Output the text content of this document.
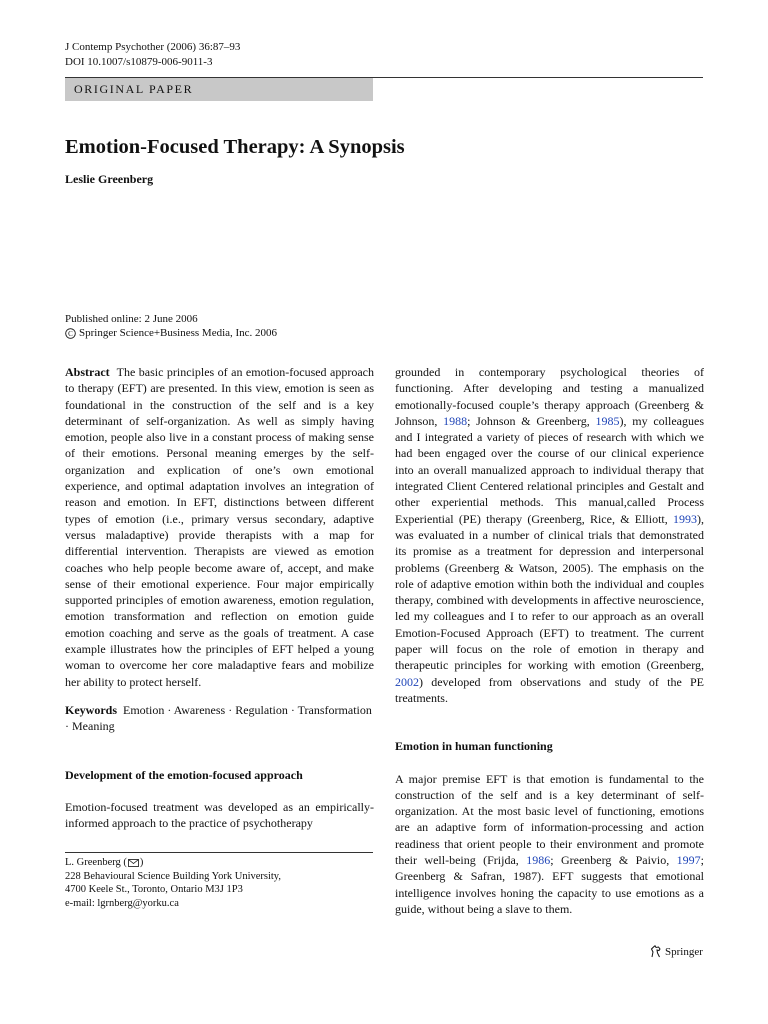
J Contemp Psychother (2006) 36:87–93
DOI 10.1007/s10879-006-9011-3
ORIGINAL PAPER
Emotion-Focused Therapy: A Synopsis
Leslie Greenberg
Published online: 2 June 2006
C Springer Science+Business Media, Inc. 2006

Abstract The basic principles of an emotion-focused approach to therapy (EFT) are presented. In this view, emotion is seen as foundational in the construction of the self and is a key determinant of self-organization. As well as simply having emotion, people also live in a constant process of making sense of their emotions. Personal meaning emerges by the self-organization and explication of one’s own emotional experience, and optimal adaptation involves an integration of reason and emotion. In EFT, distinctions between different types of emotion (i.e., primary versus secondary, adaptive versus maladaptive) provide therapists with a map for differential intervention. Therapists are viewed as emotion coaches who help people become aware of, accept, and make sense of their emotional experience. Four major empirically supported principles of emotion awareness, emotion regulation, emotion transformation and reflection on emotion guide emotion coaching and serve as the goals of treatment. A case example illustrates how the principles of EFT helped a young woman to overcome her core maladaptive fears and mobilize her ability to protect herself.

Keywords Emotion · Awareness · Regulation · Transformation · Meaning

Development of the emotion-focused approach

Emotion-focused treatment was developed as an empirically-informed approach to the practice of psychotherapy

L. Greenberg ( )
228 Behavioural Science Building York University,
4700 Keele St., Toronto, Ontario M3J 1P3
e-mail: lgrnberg@yorku.ca

grounded in contemporary psychological theories of functioning. After developing and testing a manualized emotionally-focused couple’s therapy approach (Greenberg & Johnson, 1988; Johnson & Greenberg, 1985), my colleagues and I integrated a variety of pieces of research with which we had been engaged over the course of our clinical experience into an overall manualized approach to individual therapy that integrated Client Centered relational principles and Gestalt and other experiential methods. This manual,called Process Experiential (PE) therapy (Greenberg, Rice, & Elliott, 1993), was evaluated in a number of clinical trials that demonstrated its promise as a treatment for depression and interpersonal problems (Greenberg & Watson, 2005). The emphasis on the role of adaptive emotion within both the individual and couples therapy, combined with developments in affective neuroscience, led my colleagues and I to refer to our approach as an overall Emotion-Focused Approach (EFT) to treatment. The current paper will focus on the role of emotion in therapy and therapeutic principles for working with emotion (Greenberg, 2002) developed from observations and study of the PE treatments.

Emotion in human functioning

A major premise EFT is that emotion is fundamental to the construction of the self and is a key determinant of self-organization. At the most basic level of functioning, emotions are an adaptive form of information-processing and action readiness that orient people to their environment and promote their well-being (Frijda, 1986; Greenberg & Paivio, 1997; Greenberg & Safran, 1987). EFT suggests that emotional intelligence involves honing the capacity to use emotions as a guide, without being a slave to them.

Springer
